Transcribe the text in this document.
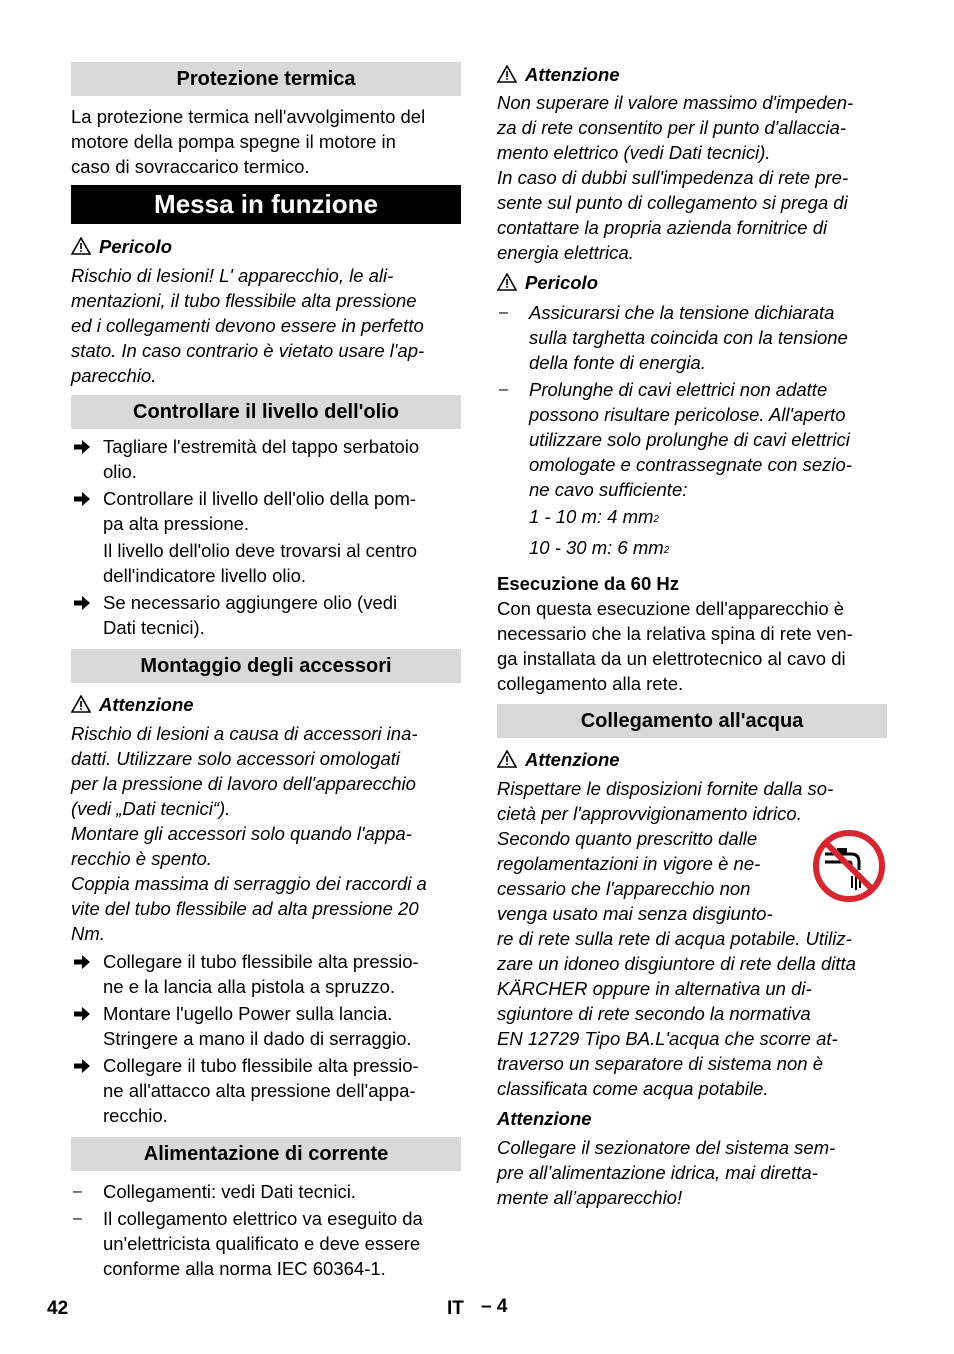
Protezione termica

La protezione termica nell'avvolgimento del
motore della pompa spegne il motore in
caso di sovraccarico termico.

Messa in funzione

Pericolo

Rischio di lesioni! L' apparecchio, le ali-
mentazioni, il tubo flessibile alta pressione
ed i collegamenti devono essere in perfetto
stato. In caso contrario è vietato usare l'ap-
parecchio.

Controllare il livello dell'olio

Tagliare l'estremità del tappo serbatoio
olio.

Controllare il livello dell'olio della pom-
pa alta pressione.

Il livello dell'olio deve trovarsi al centro
dell'indicatore livello olio.

Se necessario aggiungere olio (vedi
Dati tecnici).

Montaggio degli accessori

Attenzione

Rischio di lesioni a causa di accessori ina-
datti. Utilizzare solo accessori omologati
per la pressione di lavoro dell'apparecchio
(vedi „Dati tecnici“).
Montare gli accessori solo quando l'appa-
recchio è spento.
Coppia massima di serraggio dei raccordi a
vite del tubo flessibile ad alta pressione 20
Nm.

Collegare il tubo flessibile alta pressio-
ne e la lancia alla pistola a spruzzo.

Montare l'ugello Power sulla lancia.
Stringere a mano il dado di serraggio.

Collegare il tubo flessibile alta pressio-
ne all'attacco alta pressione dell'appa-
recchio.

Alimentazione di corrente

– Collegamenti: vedi Dati tecnici.

– Il collegamento elettrico va eseguito da
un'elettricista qualificato e deve essere
conforme alla norma IEC 60364-1.

Attenzione

Non superare il valore massimo d'impeden-
za di rete consentito per il punto d'allaccia-
mento elettrico (vedi Dati tecnici).
In caso di dubbi sull'impedenza di rete pre-
sente sul punto di collegamento si prega di
contattare la propria azienda fornitrice di
energia elettrica.

Pericolo

– Assicurarsi che la tensione dichiarata
sulla targhetta coincida con la tensione
della fonte di energia.

– Prolunghe di cavi elettrici non adatte
possono risultare pericolose. All'aperto
utilizzare solo prolunghe di cavi elettrici
omologate e contrassegnate con sezio-
ne cavo sufficiente:

1 - 10 m: 4 mm2

10 - 30 m: 6 mm2

Esecuzione da 60 Hz

Con questa esecuzione dell'apparecchio è
necessario che la relativa spina di rete ven-
ga installata da un elettrotecnico al cavo di
collegamento alla rete.

Collegamento all'acqua

Attenzione

Rispettare le disposizioni fornite dalla so-
cietà per l'approvvigionamento idrico.

Secondo quanto prescritto dalle
regolamentazioni in vigore è ne-
cessario che l'apparecchio non
venga usato mai senza disgiunto-
re di rete sulla rete di acqua potabile. Utiliz-
zare un idoneo disgiuntore di rete della ditta
KÄRCHER oppure in alternativa un di-
sgiuntore di rete secondo la normativa
EN 12729 Tipo BA.L'acqua che scorre at-
traverso un separatore di sistema non è
classificata come acqua potabile.

Attenzione

Collegare il sezionatore del sistema sem-
pre all’alimentazione idrica, mai diretta-
mente all’apparecchio!

42	IT – 4
